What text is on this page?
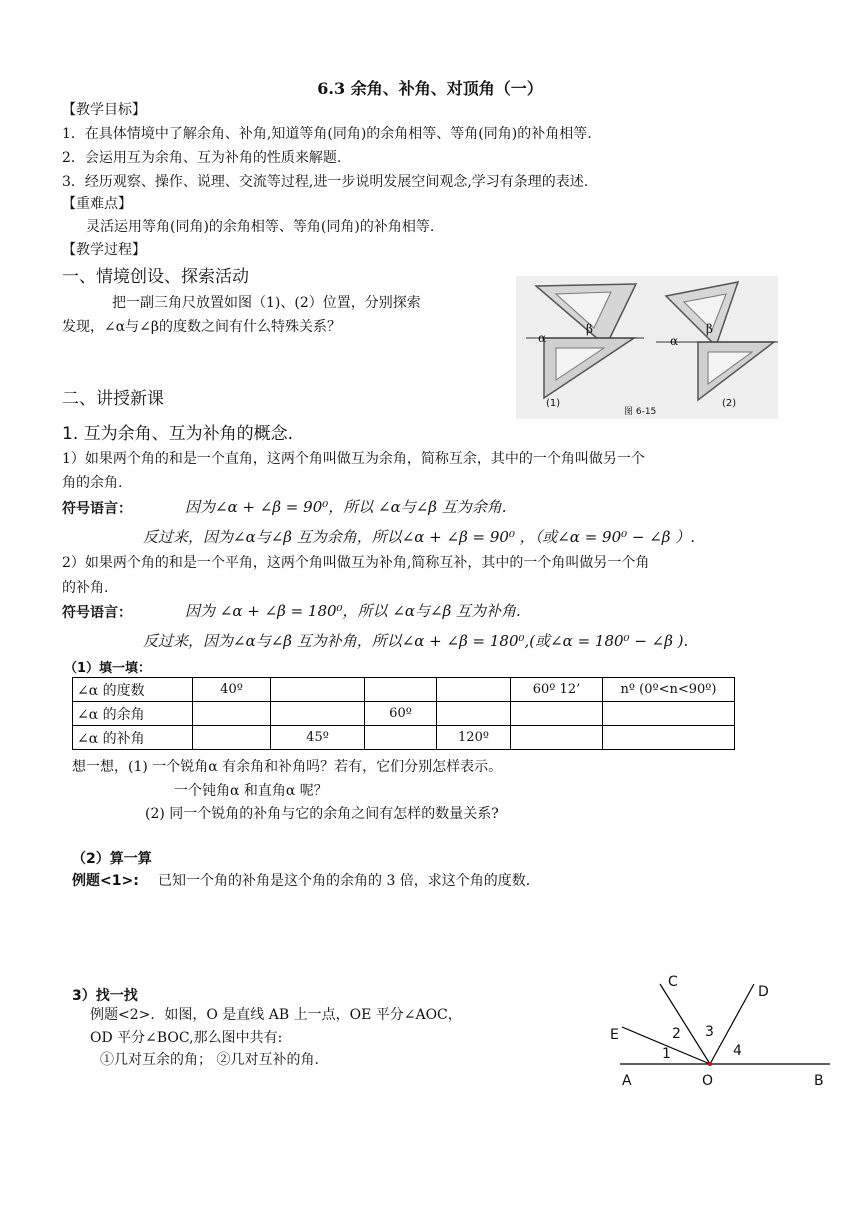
6.3 余角、补角、对顶角（一）
【教学目标】
1．在具体情境中了解余角、补角,知道等角(同角)的余角相等、等角(同角)的补角相等.
2．会运用互为余角、互为补角的性质来解题.
3．经历观察、操作、说理、交流等过程,进一步说明发展空间观念,学习有条理的表述.
【重难点】
灵活运用等角(同角)的余角相等、等角(同角)的补角相等.
【教学过程】
一、情境创设、探索活动
把一副三角尺放置如图（1)、(2）位置，分别探索
发现，∠α与∠β的度数之间有什么特殊关系？
α
β
α
β
(1)
图 6-15
(2)
二、讲授新课
1. 互为余角、互为补角的概念.
1）如果两个角的和是一个直角，这两个角叫做互为余角，简称互余，其中的一个角叫做另一个
角的余角.
符号语言：	因为∠α + ∠β = 90⁰，所以 ∠α与∠β 互为余角.
反过来，因为∠α与∠β 互为余角，所以∠α + ∠β = 90⁰ ，（或∠α = 90⁰ − ∠β ）.
2）如果两个角的和是一个平角，这两个角叫做互为补角,简称互补，其中的一个角叫做另一个角
的补角.
符号语言：	因为 ∠α + ∠β = 180⁰，所以 ∠α与∠β 互为补角.
反过来，因为∠α与∠β 互为补角，所以∠α + ∠β = 180⁰,(或∠α = 180⁰ − ∠β ).
（1）填一填：
∠α 的度数	40º				60º 12’	nº (0º<n<90º)
∠α 的余角			60º			
∠α 的补角		45º		120º		
想一想，(1) 一个锐角α 有余角和补角吗？若有，它们分别怎样表示。
一个钝角α 和直角α 呢？
(2) 同一个锐角的补角与它的余角之间有怎样的数量关系?
（2）算一算
例题<1>: 已知一个角的补角是这个角的余角的 3 倍，求这个角的度数.
3）找一找
例题<2>．如图，O 是直线 AB 上一点，OE 平分∠AOC，
OD 平分∠BOC,那么图中共有:
①几对互余的角； ②几对互补的角.
C
D
E	2 3
1	4
A	O	B
